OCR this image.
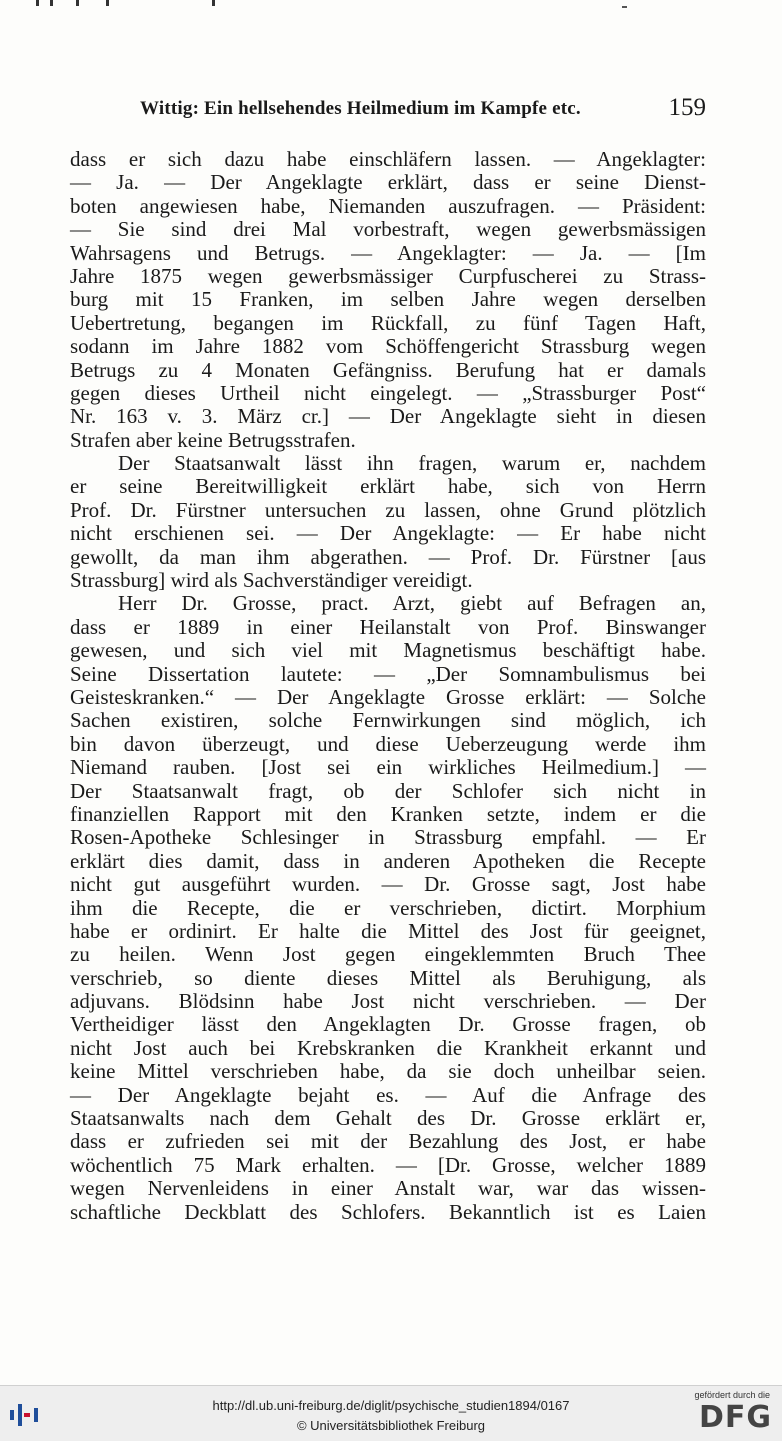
Wittig: Ein hellsehendes Heilmedium im Kampfe etc.	159
dass er sich dazu habe einschläfern lassen. — Angeklagter:
— Ja. — Der Angeklagte erklärt, dass er seine Dienst-
boten angewiesen habe, Niemanden auszufragen. — Präsident:
— Sie sind drei Mal vorbestraft, wegen gewerbsmässigen
Wahrsagens und Betrugs. — Angeklagter: — Ja. — [Im
Jahre 1875 wegen gewerbsmässiger Curpfuscherei zu Strass-
burg mit 15 Franken, im selben Jahre wegen derselben
Uebertretung, begangen im Rückfall, zu fünf Tagen Haft,
sodann im Jahre 1882 vom Schöffengericht Strassburg wegen
Betrugs zu 4 Monaten Gefängniss. Berufung hat er damals
gegen dieses Urtheil nicht eingelegt. — „Strassburger Post“
Nr. 163 v. 3. März cr.] — Der Angeklagte sieht in diesen
Strafen aber keine Betrugsstrafen.
Der Staatsanwalt lässt ihn fragen, warum er, nachdem
er seine Bereitwilligkeit erklärt habe, sich von Herrn
Prof. Dr. Fürstner untersuchen zu lassen, ohne Grund plötzlich
nicht erschienen sei. — Der Angeklagte: — Er habe nicht
gewollt, da man ihm abgerathen. — Prof. Dr. Fürstner [aus
Strassburg] wird als Sachverständiger vereidigt.
Herr Dr. Grosse, pract. Arzt, giebt auf Befragen an,
dass er 1889 in einer Heilanstalt von Prof. Binswanger
gewesen, und sich viel mit Magnetismus beschäftigt habe.
Seine Dissertation lautete: — „Der Somnambulismus bei
Geisteskranken.“ — Der Angeklagte Grosse erklärt: — Solche
Sachen existiren, solche Fernwirkungen sind möglich, ich
bin davon überzeugt, und diese Ueberzeugung werde ihm
Niemand rauben. [Jost sei ein wirkliches Heilmedium.] —
Der Staatsanwalt fragt, ob der Schlofer sich nicht in
finanziellen Rapport mit den Kranken setzte, indem er die
Rosen-Apotheke Schlesinger in Strassburg empfahl. — Er
erklärt dies damit, dass in anderen Apotheken die Recepte
nicht gut ausgeführt wurden. — Dr. Grosse sagt, Jost habe
ihm die Recepte, die er verschrieben, dictirt. Morphium
habe er ordinirt. Er halte die Mittel des Jost für geeignet,
zu heilen. Wenn Jost gegen eingeklemmten Bruch Thee
verschrieb, so diente dieses Mittel als Beruhigung, als
adjuvans. Blödsinn habe Jost nicht verschrieben. — Der
Vertheidiger lässt den Angeklagten Dr. Grosse fragen, ob
nicht Jost auch bei Krebskranken die Krankheit erkannt und
keine Mittel verschrieben habe, da sie doch unheilbar seien.
— Der Angeklagte bejaht es. — Auf die Anfrage des
Staatsanwalts nach dem Gehalt des Dr. Grosse erklärt er,
dass er zufrieden sei mit der Bezahlung des Jost, er habe
wöchentlich 75 Mark erhalten. — [Dr. Grosse, welcher 1889
wegen Nervenleidens in einer Anstalt war, war das wissen-
schaftliche Deckblatt des Schlofers. Bekanntlich ist es Laien
http://dl.ub.uni-freiburg.de/diglit/psychische_studien1894/0167
© Universitätsbibliothek Freiburg
gefördert durch die
DFG
